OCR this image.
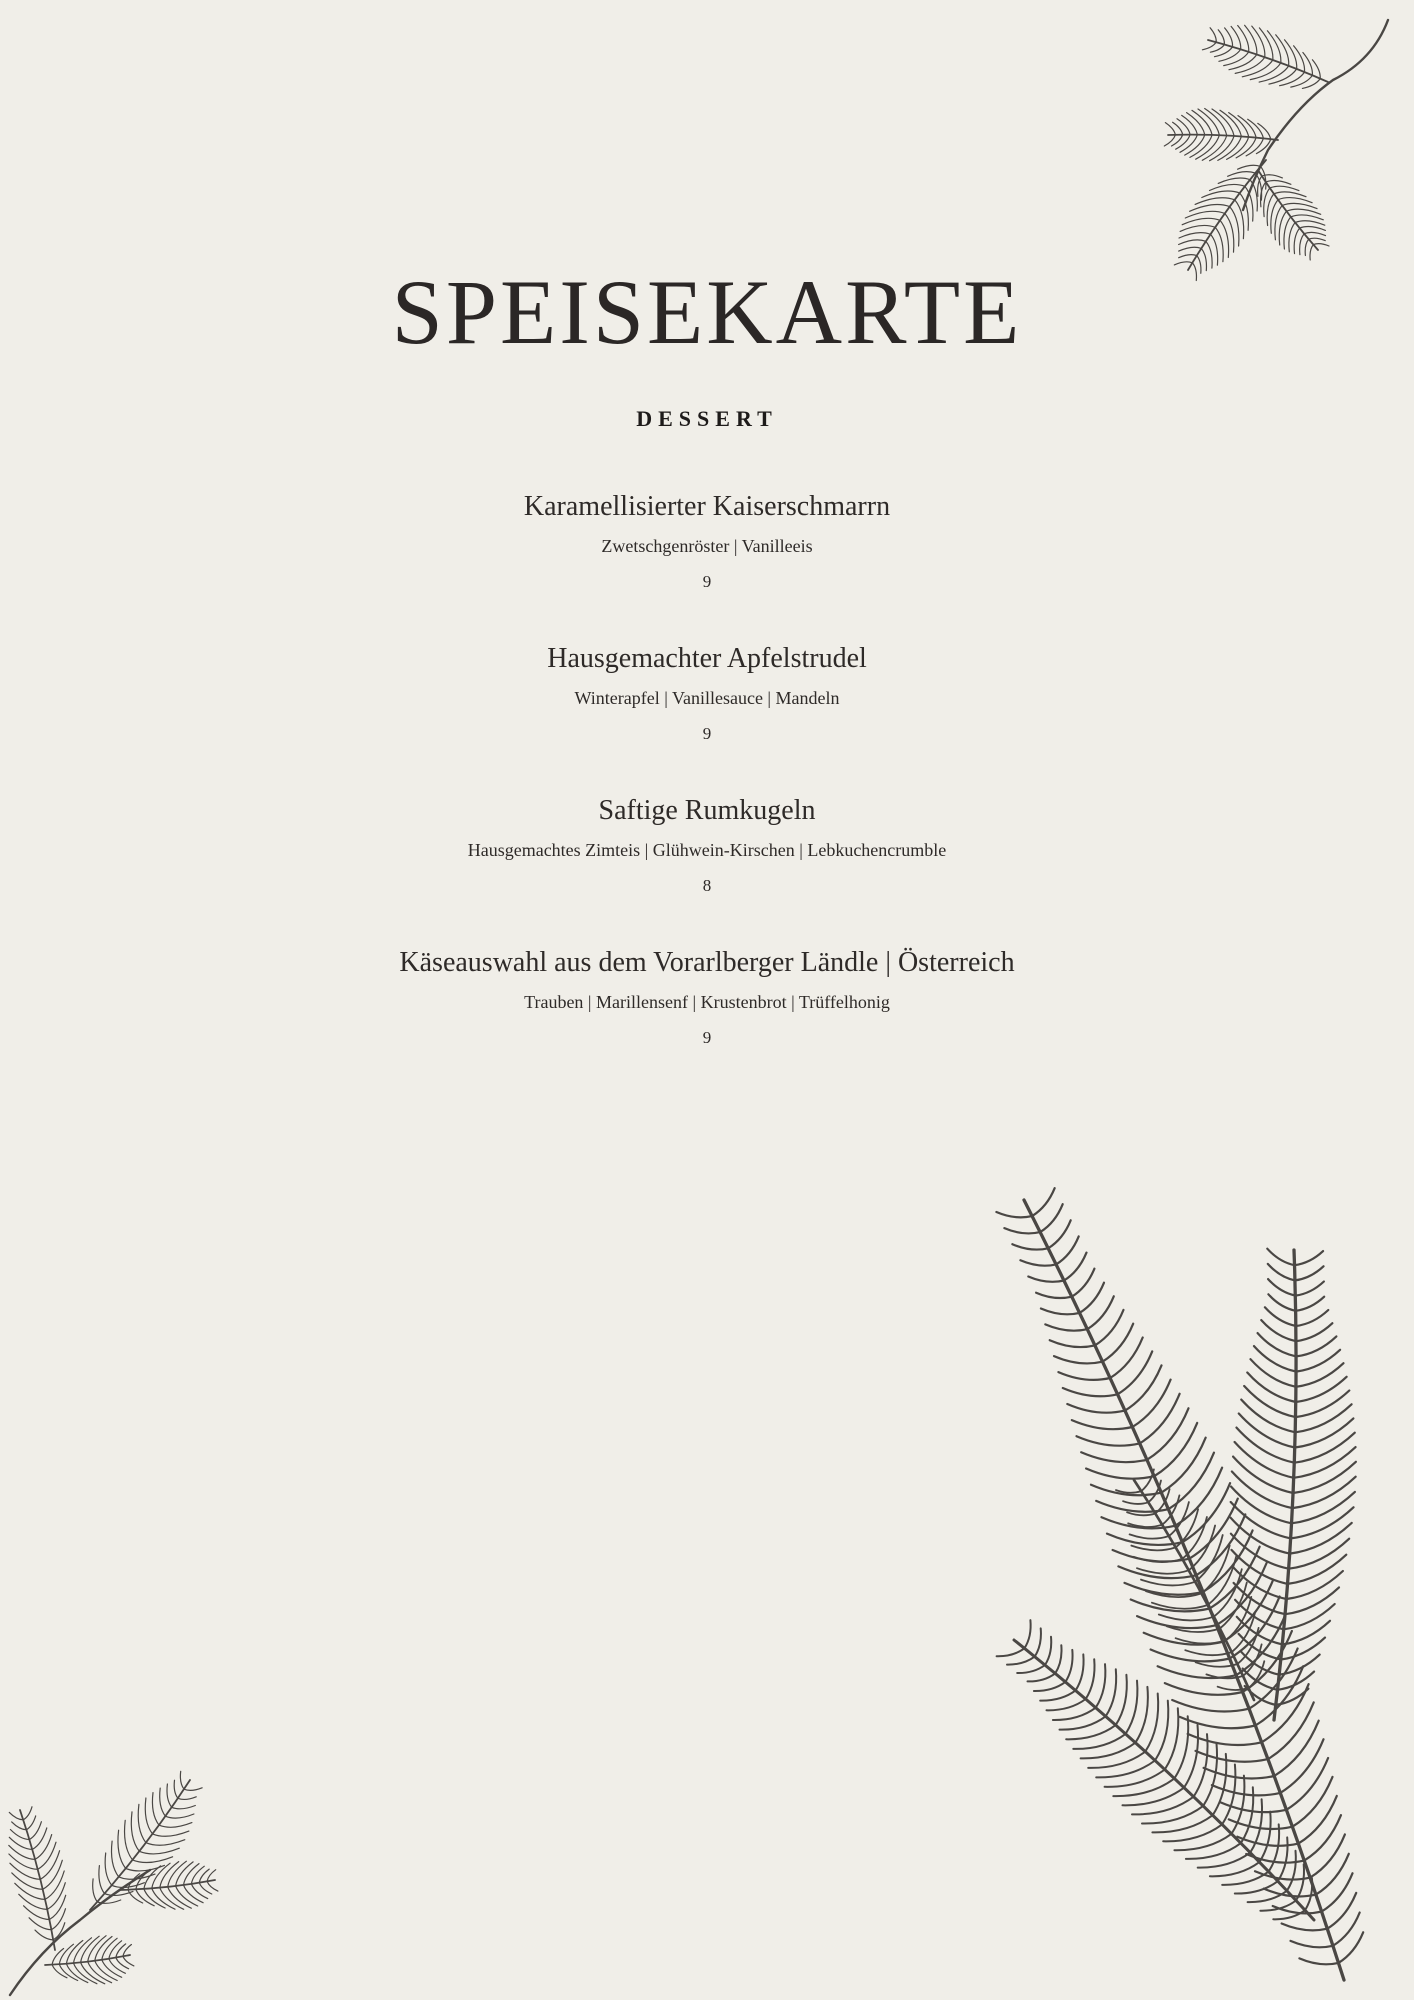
SPEISEKARTE
DESSERT
Karamellisierter Kaiserschmarrn
Zwetschgenröster | Vanilleeis
9
Hausgemachter Apfelstrudel
Winterapfel | Vanillesauce | Mandeln
9
Saftige Rumkugeln
Hausgemachtes Zimteis | Glühwein-Kirschen | Lebkuchencrumble
8
Käseauswahl aus dem Vorarlberger Ländle | Österreich
Trauben | Marillensenf | Krustenbrot | Trüffelhonig
9
